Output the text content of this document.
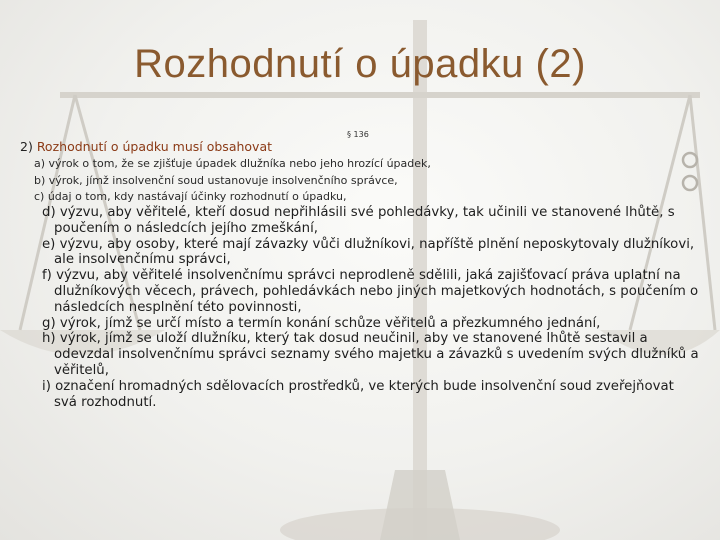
Rozhodnutí o úpadku (2)
§ 136
2) Rozhodnutí o úpadku musí obsahovat
a) výrok o tom, že se zjišťuje úpadek dlužníka nebo jeho hrozící úpadek,
b) výrok, jímž insolvenční soud ustanovuje insolvenčního správce,
c) údaj o tom, kdy nastávají účinky rozhodnutí o úpadku,
d) výzvu, aby věřitelé, kteří dosud nepřihlásili své pohledávky, tak učinili ve stanovené lhůtě, s poučením o následcích jejího zmeškání,
e) výzvu, aby osoby, které mají závazky vůči dlužníkovi, napříště plnění neposkytovaly dlužníkovi, ale insolvenčnímu správci,
f) výzvu, aby věřitelé insolvenčnímu správci neprodleně sdělili, jaká zajišťovací práva uplatní na dlužníkových věcech, právech, pohledávkách nebo jiných majetkových hodnotách, s poučením o následcích nesplnění této povinnosti,
g) výrok, jímž se určí místo a termín konání schůze věřitelů a přezkumného jednání,
h) výrok, jímž se uloží dlužníku, který tak dosud neučinil, aby ve stanovené lhůtě sestavil a odevzdal insolvenčnímu správci seznamy svého majetku a závazků s uvedením svých dlužníků a věřitelů,
i) označení hromadných sdělovacích prostředků, ve kterých bude insolvenční soud zveřejňovat svá rozhodnutí.
